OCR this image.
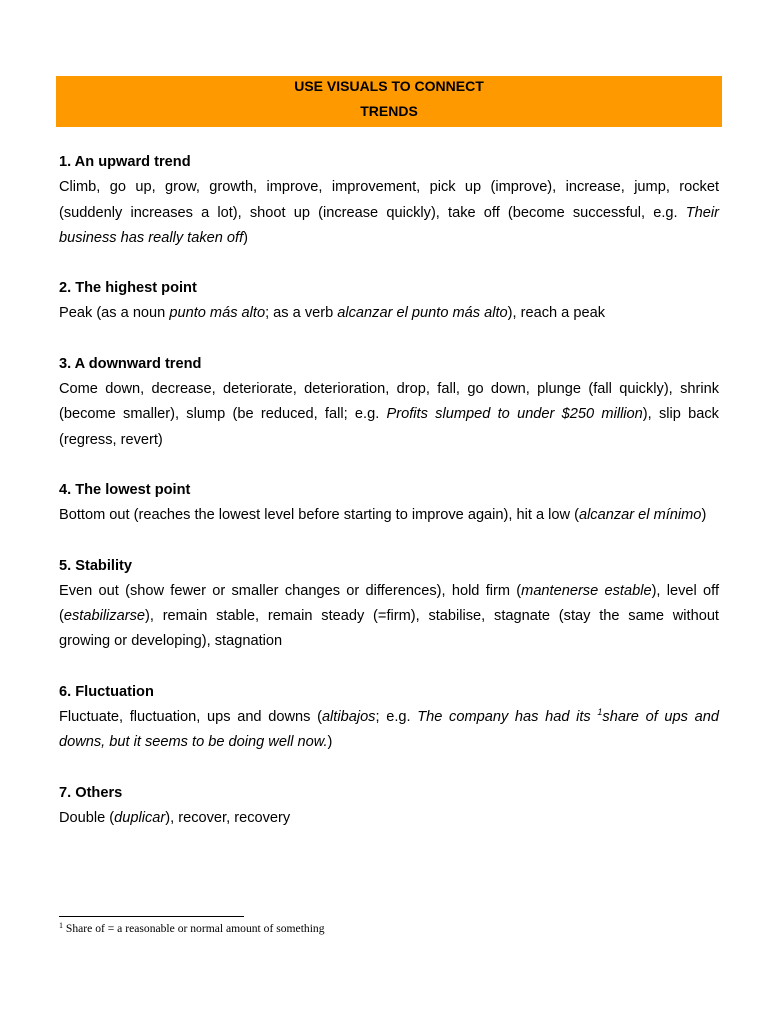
USE VISUALS TO CONNECT
TRENDS
1. An upward trend
Climb, go up, grow, growth, improve, improvement, pick up (improve), increase, jump, rocket (suddenly increases a lot), shoot up (increase quickly), take off (become successful, e.g. Their business has really taken off)
2. The highest point
Peak (as a noun punto más alto; as a verb alcanzar el punto más alto), reach a peak
3. A downward trend
Come down, decrease, deteriorate, deterioration, drop, fall, go down, plunge (fall quickly), shrink (become smaller), slump (be reduced, fall; e.g. Profits slumped to under $250 million), slip back (regress, revert)
4. The lowest point
Bottom out (reaches the lowest level before starting to improve again), hit a low (alcanzar el mínimo)
5. Stability
Even out (show fewer or smaller changes or differences), hold firm (mantenerse estable), level off (estabilizarse), remain stable, remain steady (=firm), stabilise, stagnate (stay the same without growing or developing), stagnation
6. Fluctuation
Fluctuate, fluctuation, ups and downs (altibajos; e.g. The company has had its $^1$share of ups and downs, but it seems to be doing well now.)
7. Others
Double (duplicar), recover, recovery
$^1$ Share of = a reasonable or normal amount of something
